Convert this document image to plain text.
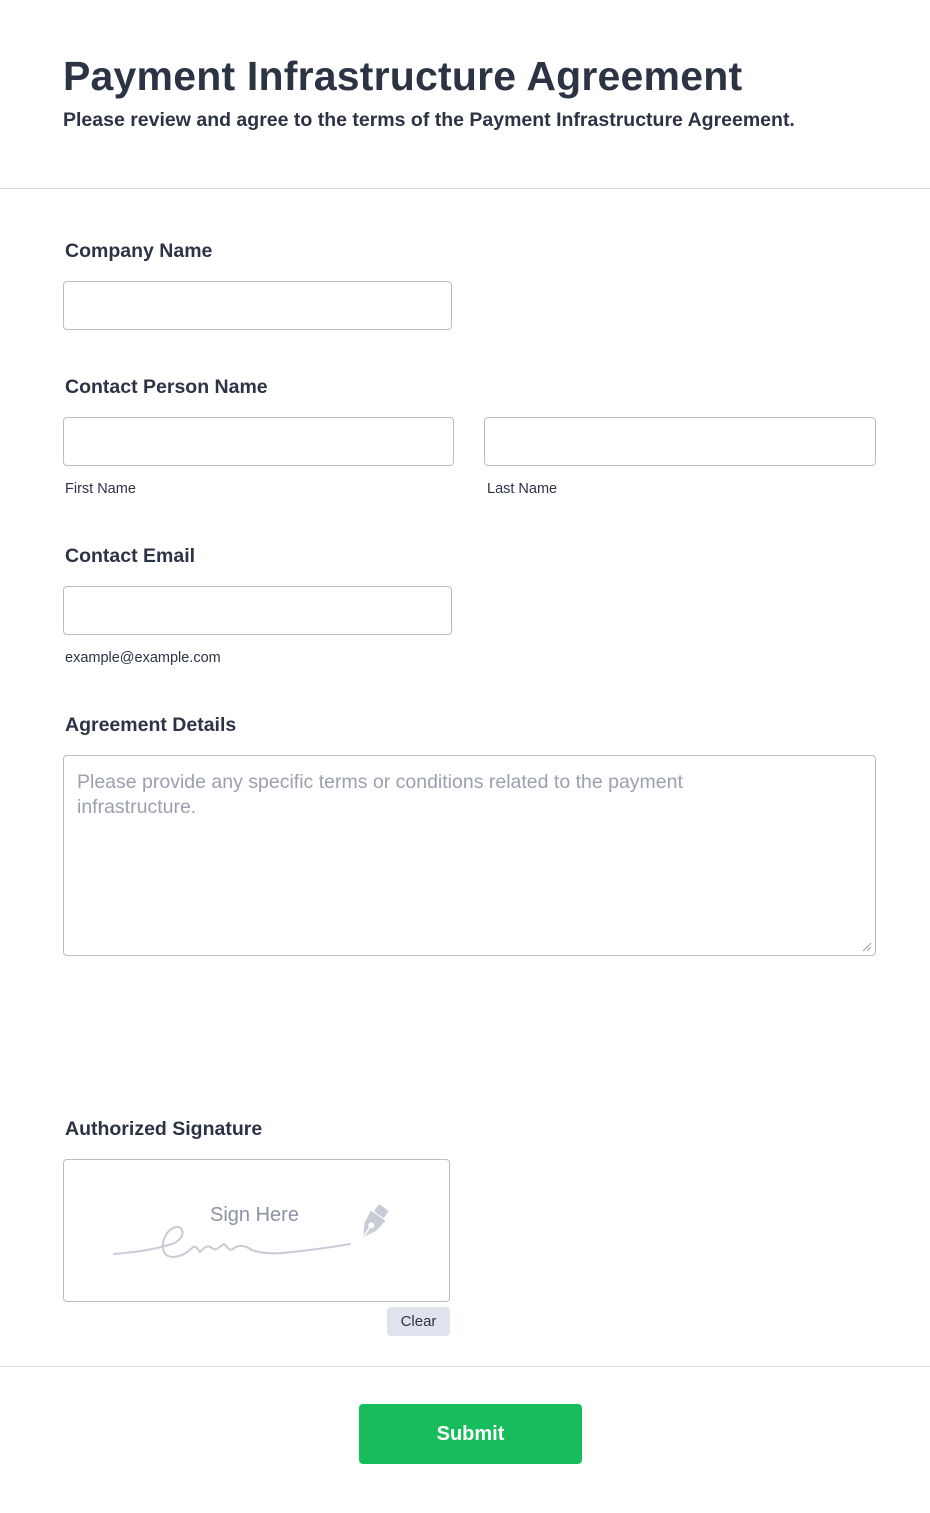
Payment Infrastructure Agreement
Please review and agree to the terms of the Payment Infrastructure Agreement.
Company Name
Contact Person Name
First Name	Last Name
Contact Email
example@example.com
Agreement Details
Please provide any specific terms or conditions related to the payment infrastructure.
Authorized Signature
Sign Here
Clear
Submit
